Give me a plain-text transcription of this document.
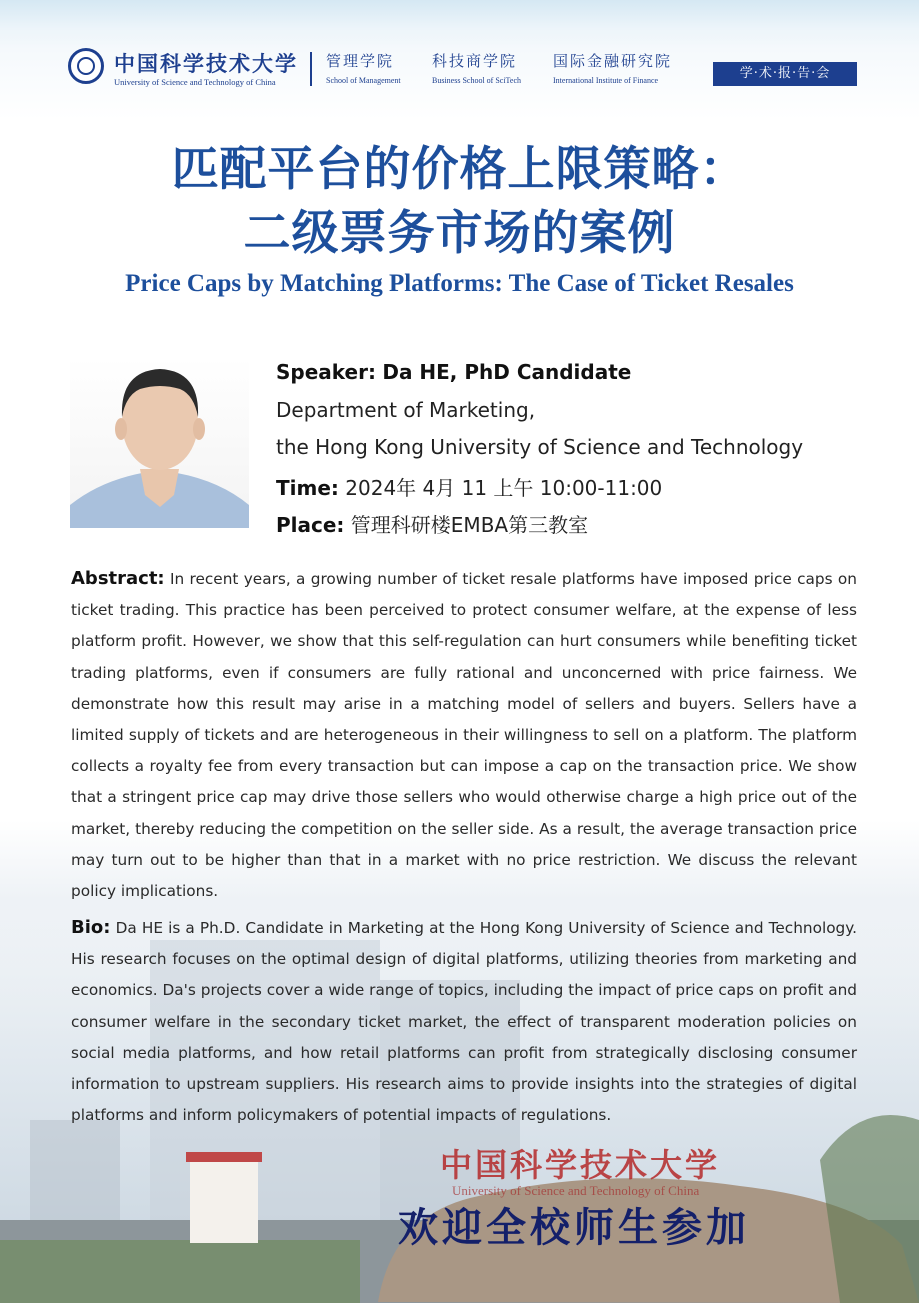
中国科学技术大学
University of Science and Technology of China
管理学院
School of Management
科技商学院
Business School of SciTech
国际金融研究院
International Institute of Finance	学·术·报·告·会
匹配平台的价格上限策略：
二级票务市场的案例
Price Caps by Matching Platforms: The Case of Ticket Resales
Speaker: Da HE, PhD Candidate
Department of Marketing,
the Hong Kong University of Science and Technology
Time: 2024年 4月 11 上午 10:00-11:00
Place: 管理科研楼EMBA第三教室
Abstract: In recent years, a growing number of ticket resale platforms have imposed price caps on ticket trading. This practice has been perceived to protect consumer welfare, at the expense of less platform profit. However, we show that this self-regulation can hurt consumers while benefiting ticket trading platforms, even if consumers are fully rational and unconcerned with price fairness. We demonstrate how this result may arise in a matching model of sellers and buyers. Sellers have a limited supply of tickets and are heterogeneous in their willingness to sell on a platform. The platform collects a royalty fee from every transaction but can impose a cap on the transaction price. We show that a stringent price cap may drive those sellers who would otherwise charge a high price out of the market, thereby reducing the competition on the seller side. As a result, the average transaction price may turn out to be higher than that in a market with no price restriction. We discuss the relevant policy implications.
Bio: Da HE is a Ph.D. Candidate in Marketing at the Hong Kong University of Science and Technology. His research focuses on the optimal design of digital platforms, utilizing theories from marketing and economics. Da's projects cover a wide range of topics, including the impact of price caps on profit and consumer welfare in the secondary ticket market, the effect of transparent moderation policies on social media platforms, and how retail platforms can profit from strategically disclosing consumer information to upstream suppliers. His research aims to provide insights into the strategies of digital platforms and inform policymakers of potential impacts of regulations.
中国科学技术大学
University of Science and Technology of China
欢迎全校师生参加
